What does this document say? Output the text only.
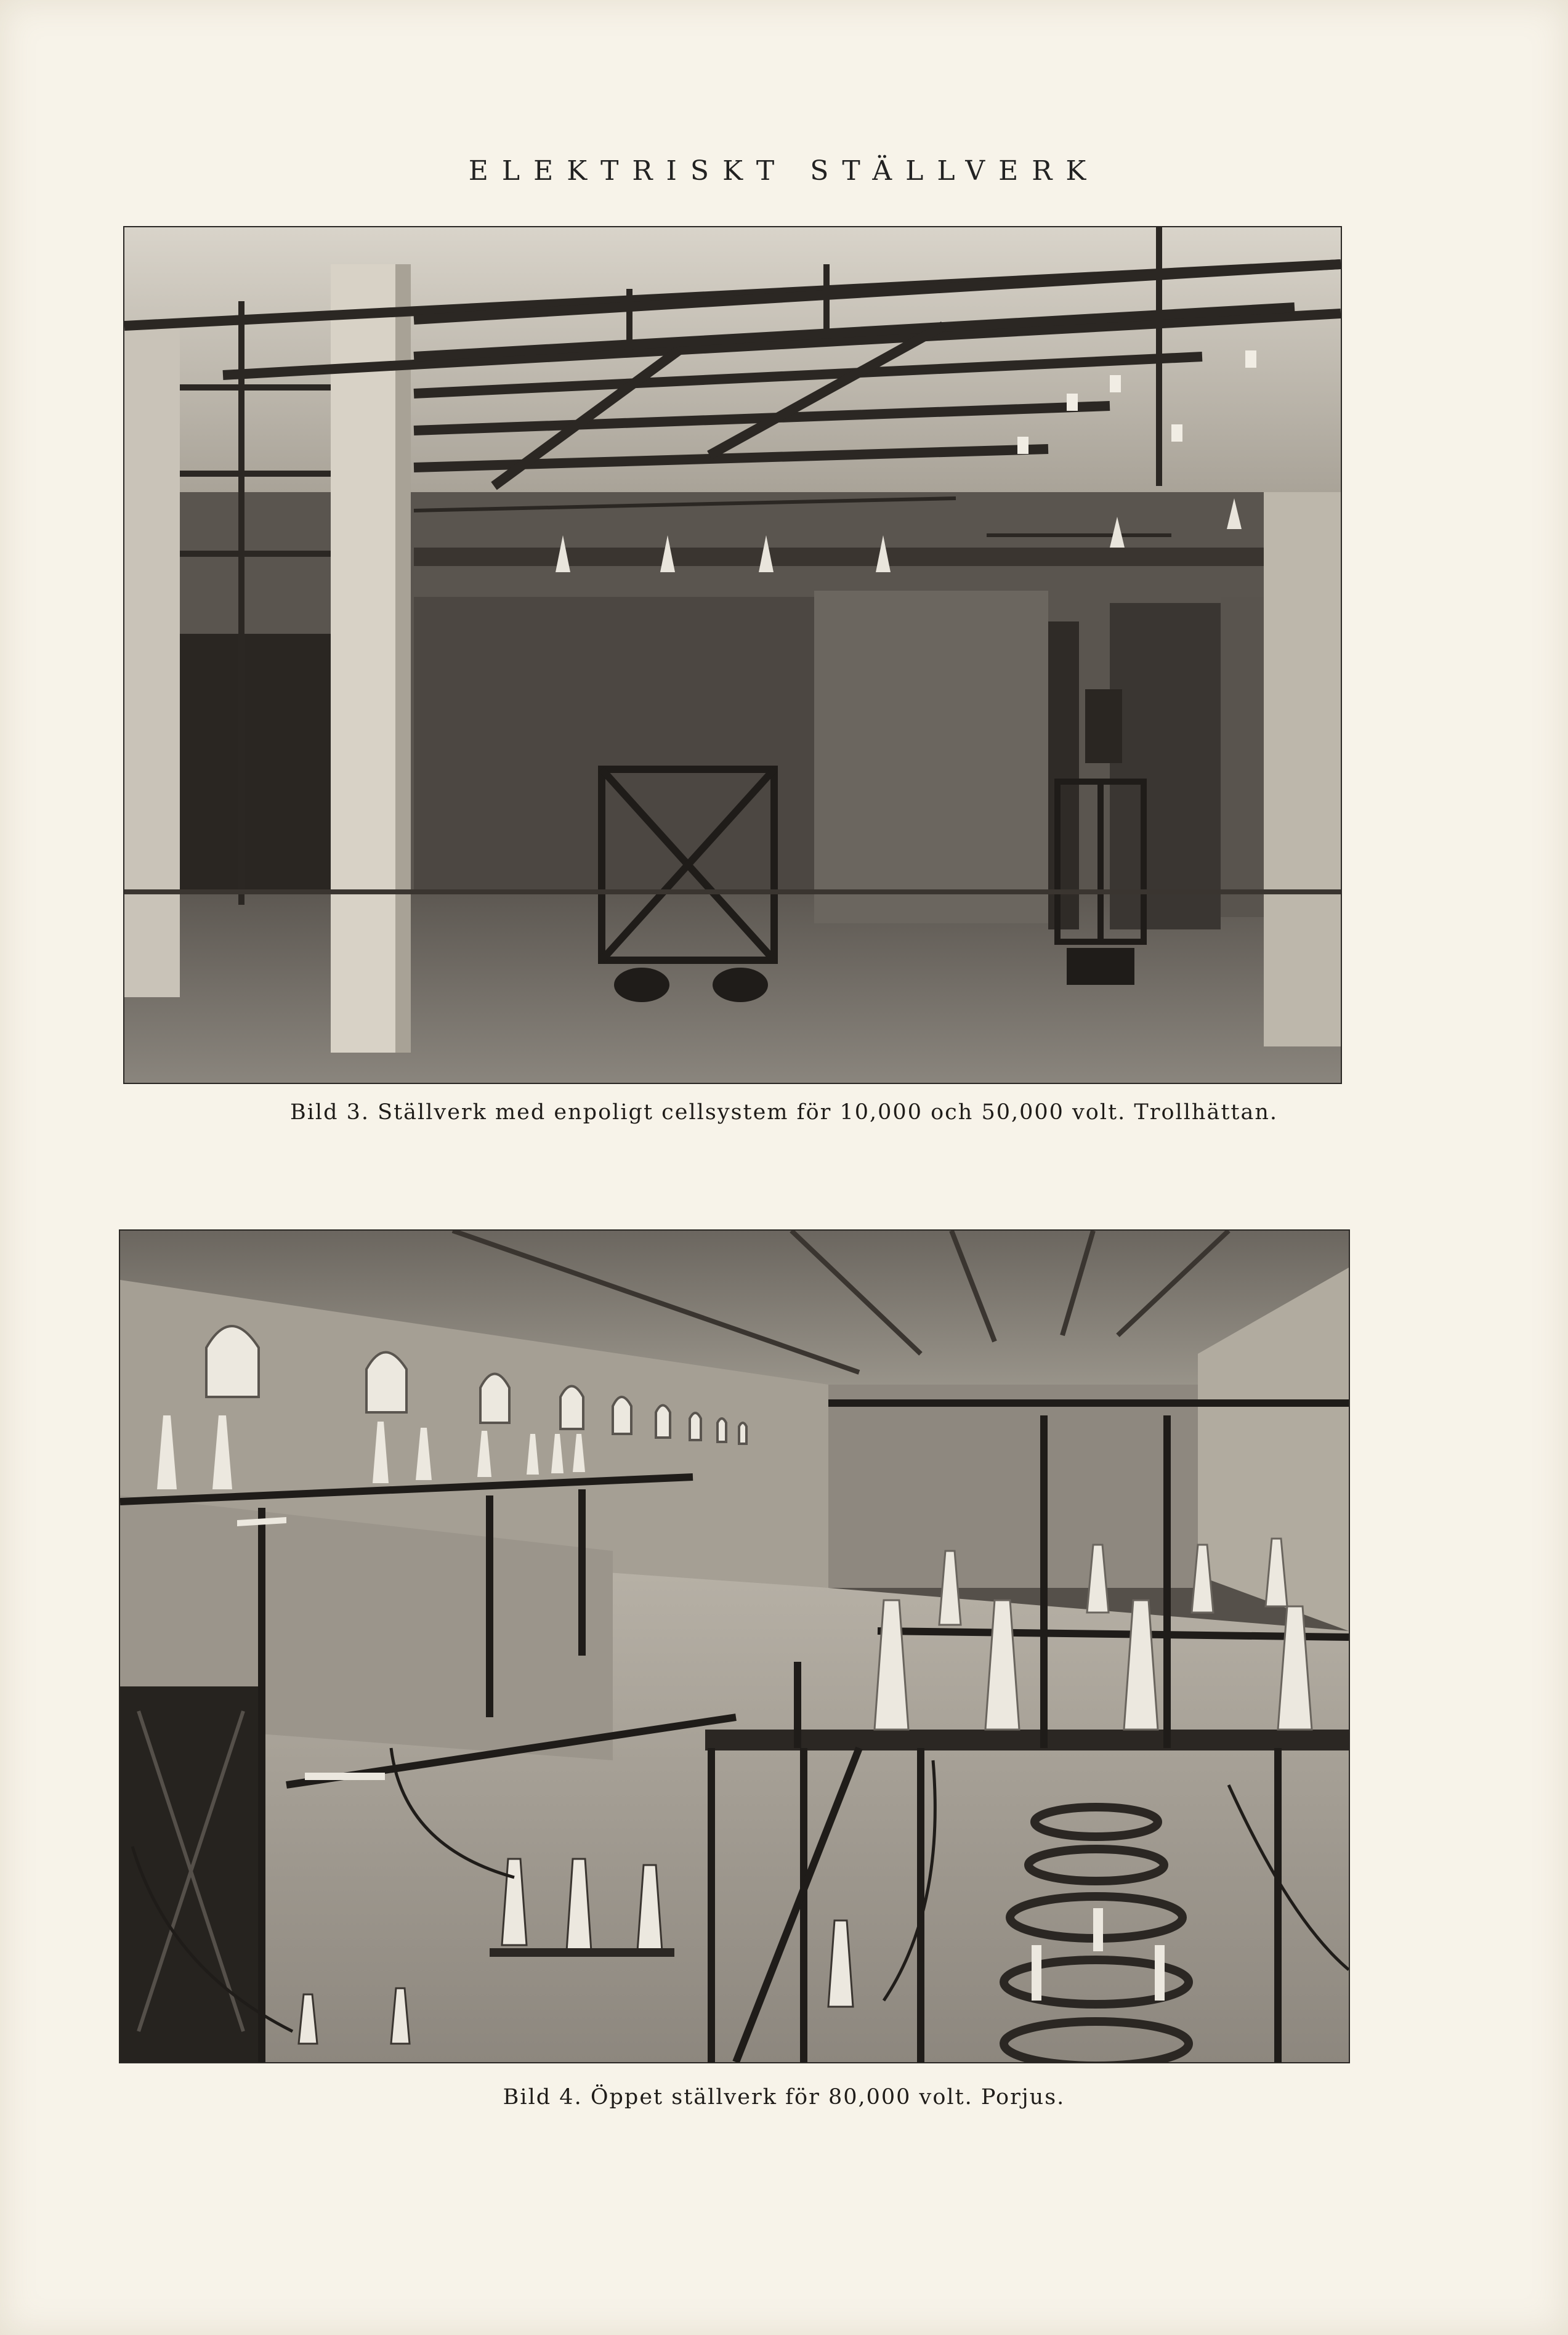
ELEKTRISKT STÄLLVERK
Bild 3. Ställverk med enpoligt cellsystem för 10,000 och 50,000 volt. Trollhättan.
Bild 4. Öppet ställverk för 80,000 volt. Porjus.
